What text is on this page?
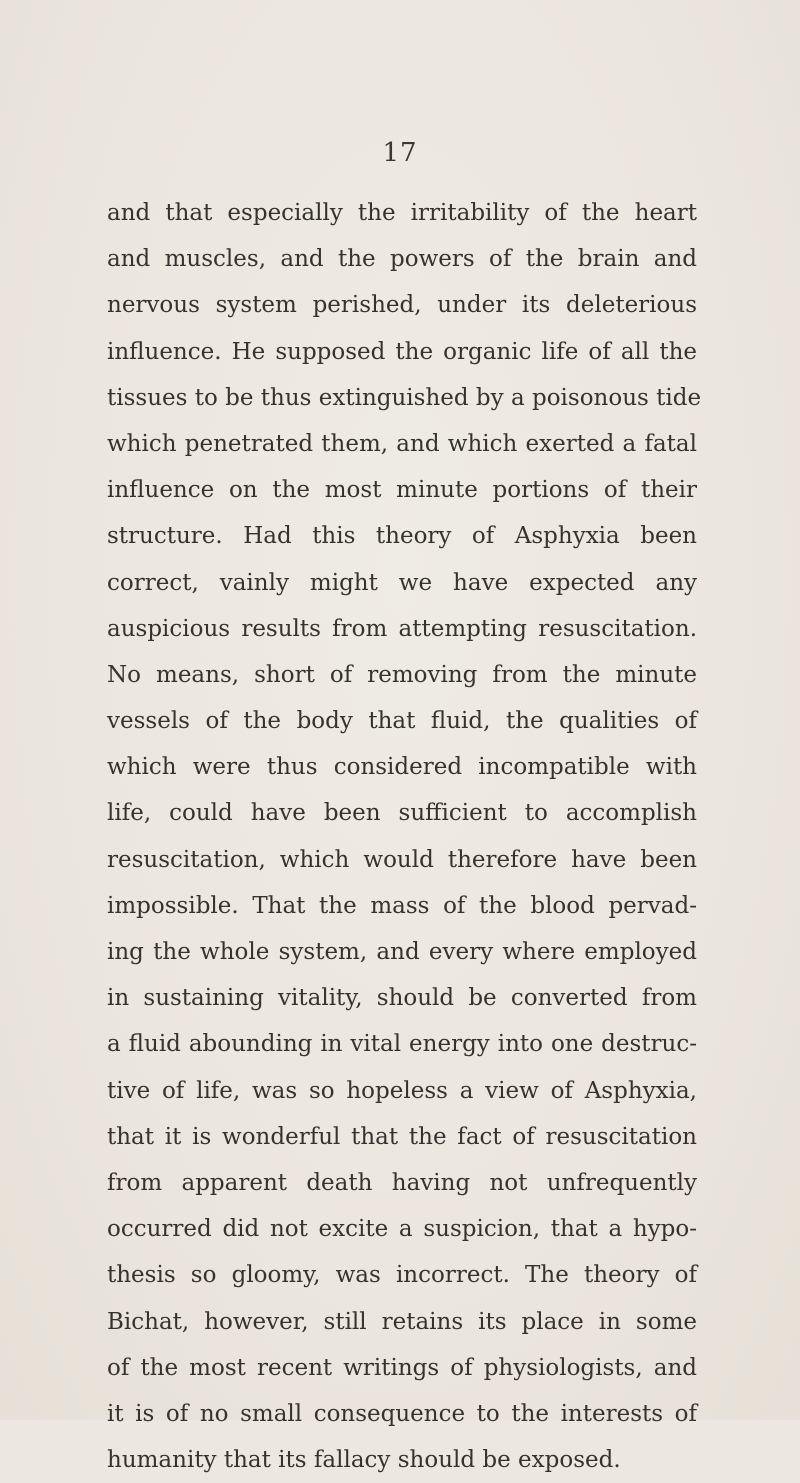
17
and that especially the irritability of the heart
and muscles, and the powers of the brain and
nervous system perished, under its deleterious
influence. He supposed the organic life of all the
tissues to be thus extinguished by a poisonous tide
which penetrated them, and which exerted a fatal
influence on the most minute portions of their
structure. Had this theory of Asphyxia been
correct, vainly might we have expected any
auspicious results from attempting resuscitation.
No means, short of removing from the minute
vessels of the body that fluid, the qualities of
which were thus considered incompatible with
life, could have been sufficient to accomplish
resuscitation, which would therefore have been
impossible. That the mass of the blood pervad-
ing the whole system, and every where employed
in sustaining vitality, should be converted from
a fluid abounding in vital energy into one destruc-
tive of life, was so hopeless a view of Asphyxia,
that it is wonderful that the fact of resuscitation
from apparent death having not unfrequently
occurred did not excite a suspicion, that a hypo-
thesis so gloomy, was incorrect. The theory of
Bichat, however, still retains its place in some
of the most recent writings of physiologists, and
it is of no small consequence to the interests of
humanity that its fallacy should be exposed.
